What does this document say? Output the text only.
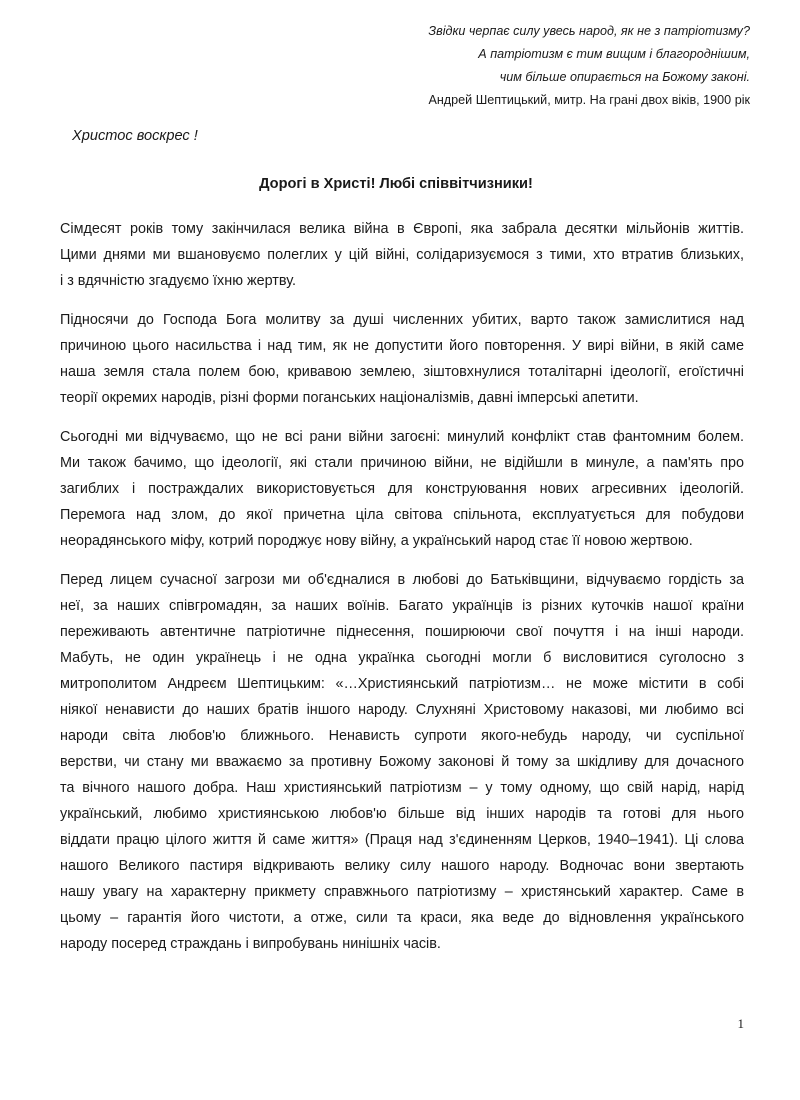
Звідки черпає силу увесь народ, як не з патріотизму?
А патріотизм є тим вищим і благороднішим,
чим більше опирається на Божому законі.
Андрей Шептицький, митр. На грані двох віків, 1900 рік
Христос воскрес !
Дорогі в Христі! Любі співвітчизники!

Сімдесят років тому закінчилася велика війна в Європі, яка забрала десятки мільйонів життів.
Цими днями ми вшановуємо полеглих у цій війні, солідаризуємося з тими, хто втратив близьких,
і з вдячністю згадуємо їхню жертву.

Підносячи до Господа Бога молитву за душі численних убитих, варто також замислитися над
причиною цього насильства і над тим, як не допустити його повторення. У вирі війни, в якій саме
наша земля стала полем бою, кривавою землею, зіштовхнулися тоталітарні ідеології, егоїстичні
теорії окремих народів, різні форми поганських націоналізмів, давні імперські апетити.

Сьогодні ми відчуваємо, що не всі рани війни загоєні: минулий конфлікт став фантомним болем.
Ми також бачимо, що ідеології, які стали причиною війни, не відійшли в минуле, а пам'ять про
загиблих і постраждалих використовується для конструювання нових агресивних ідеологій.
Перемога над злом, до якої причетна ціла світова спільнота, експлуатується для побудови
неорадянського міфу, котрий породжує нову війну, а український народ стає її новою жертвою.

Перед лицем сучасної загрози ми об'єдналися в любові до Батьківщини, відчуваємо гордість за
неї, за наших співгромадян, за наших воїнів. Багато українців із різних куточків нашої країни
переживають автентичне патріотичне піднесення, поширюючи свої почуття і на інші народи.
Мабуть, не один українець і не одна українка сьогодні могли б висловитися суголосно з
митрополитом Андреєм Шептицьким: «…Християнський патріотизм… не може містити в собі
ніякої ненависти до наших братів іншого народу. Слухняні Христовому наказові, ми любимо всі
народи світа любов'ю ближнього. Ненависть супроти якого-небудь народу, чи суспільної
верстви, чи стану ми вважаємо за противну Божому законові й тому за шкідливу для дочасного
та вічного нашого добра. Наш християнський патріотизм – у тому одному, що свій нарід, нарід
український, любимо християнською любов'ю більше від інших народів та готові для нього
віддати працю цілого життя й саме життя» (Праця над з'єдиненням Церков, 1940–1941). Ці слова
нашого Великого пастиря відкривають велику силу нашого народу. Водночас вони звертають
нашу увагу на характерну прикмету справжнього патріотизму – христянський характер. Саме в
цьому – гарантія його чистоти, а отже, сили та краси, яка веде до відновлення українського
народу посеред страждань і випробувань нинішніх часів.

1
